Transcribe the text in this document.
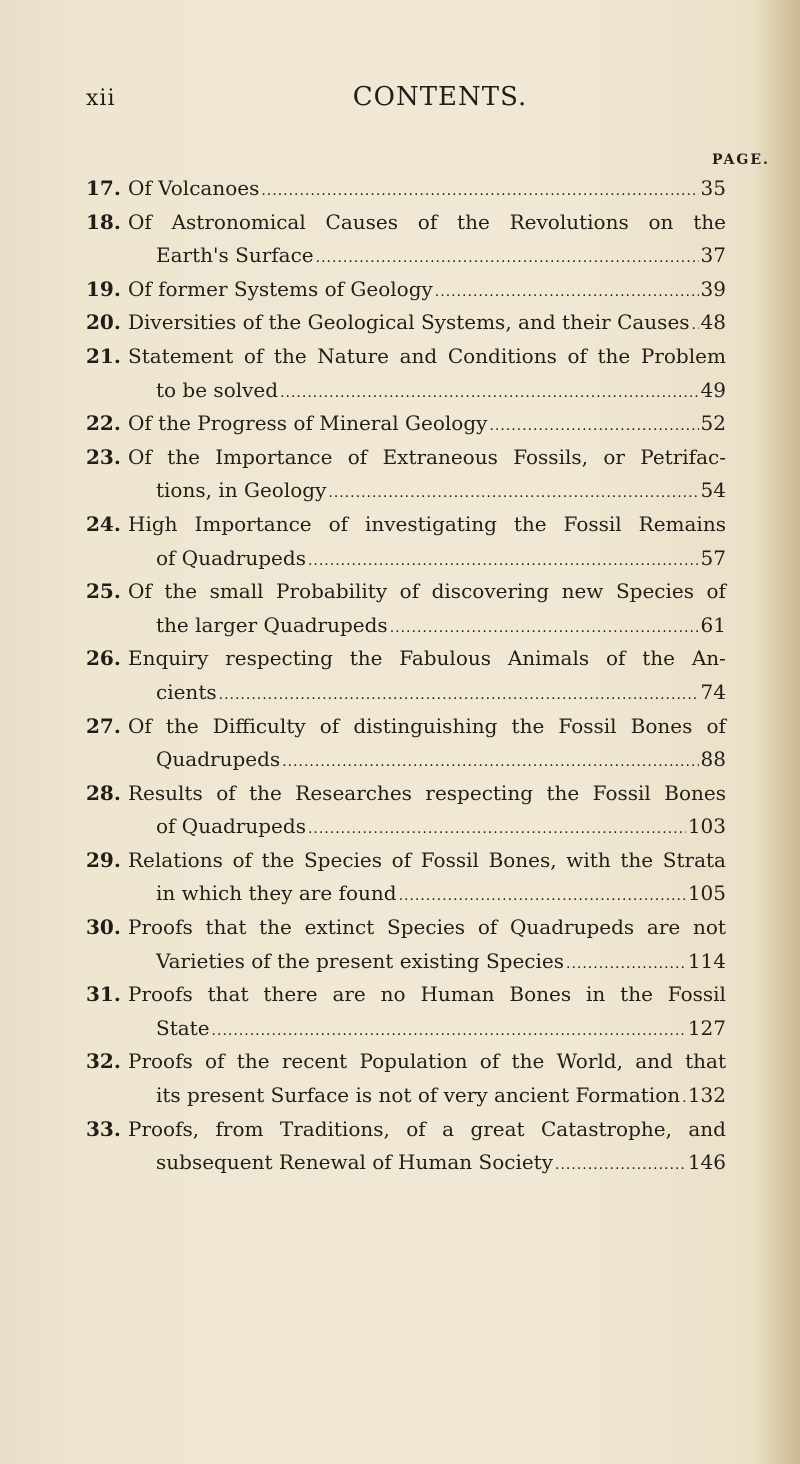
xii	CONTENTS.
PAGE.
17. Of Volcanoes .....	35
18. Of Astronomical Causes of the Revolutions on the
Earth's Surface .....	37
19. Of former Systems of Geology .....	39
20. Diversities of the Geological Systems, and their Causes ..... 48
21. Statement of the Nature and Conditions of the Problem
to be solved .....	49
22. Of the Progress of Mineral Geology .....	52
23. Of the Importance of Extraneous Fossils, or Petrifac-
tions, in Geology .....	54
24. High Importance of investigating the Fossil Remains
of Quadrupeds .....	57
25. Of the small Probability of discovering new Species of
the larger Quadrupeds .....	61
26. Enquiry respecting the Fabulous Animals of the An-
cients .....	74
27. Of the Difficulty of distinguishing the Fossil Bones of
Quadrupeds .....	88
28. Results of the Researches respecting the Fossil Bones
of Quadrupeds .....	103
29. Relations of the Species of Fossil Bones, with the Strata
in which they are found .....	105
30. Proofs that the extinct Species of Quadrupeds are not
Varieties of the present existing Species .....	114
31. Proofs that there are no Human Bones in the Fossil
State .....	127
32. Proofs of the recent Population of the World, and that
its present Surface is not of very ancient Formation ..... 132
33. Proofs, from Traditions, of a great Catastrophe, and
subsequent Renewal of Human Society .....	146
